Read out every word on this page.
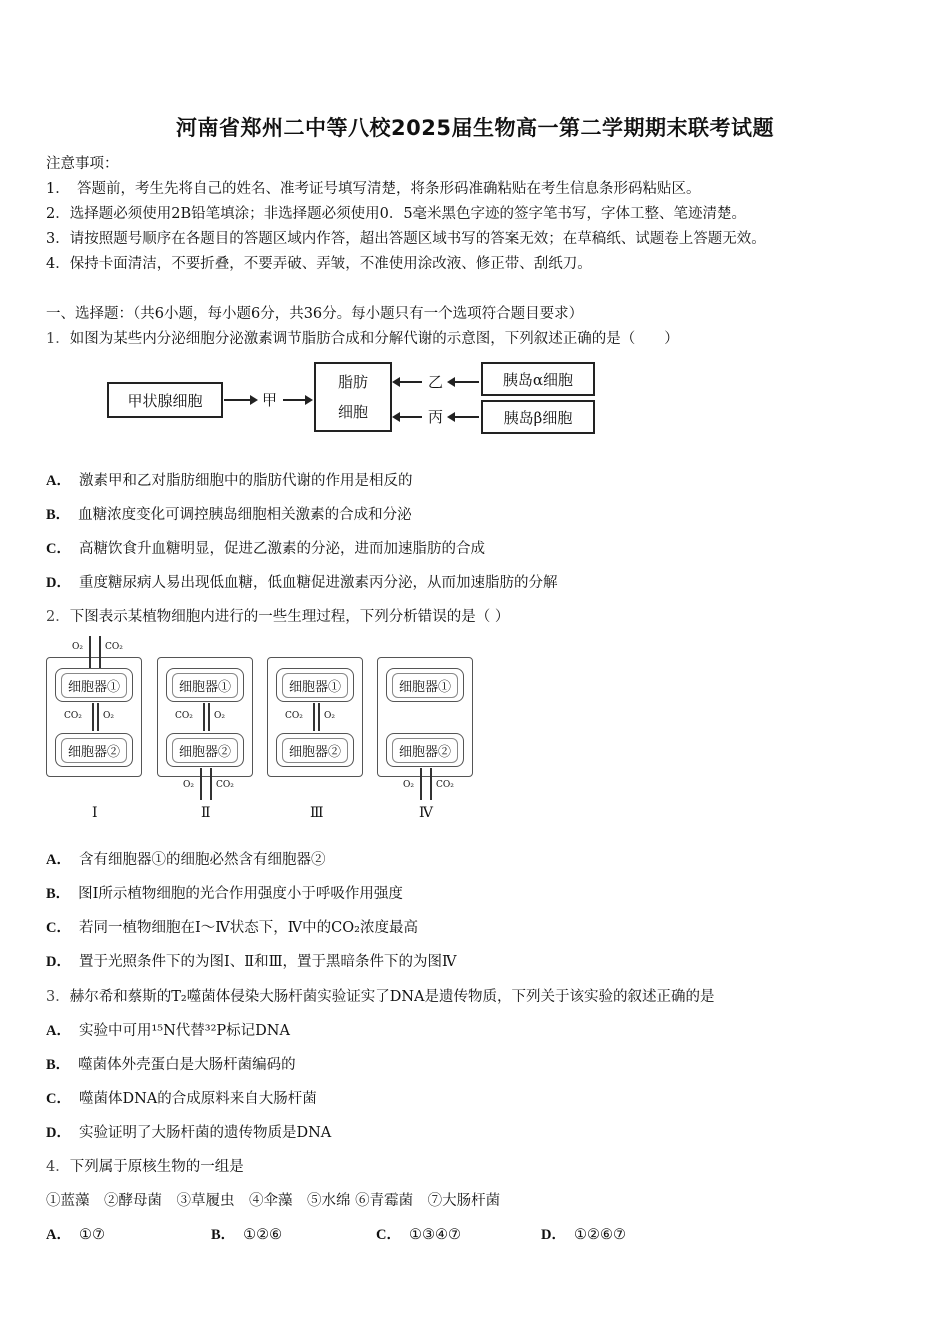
河南省郑州二中等八校2025届生物高一第二学期期末联考试题
注意事项：
1．　答题前，考生先将自己的姓名、准考证号填写清楚，将条形码准确粘贴在考生信息条形码粘贴区。
2．选择题必须使用2B铅笔填涂；非选择题必须使用0．5毫米黑色字迹的签字笔书写，字体工整、笔迹清楚。
3．请按照题号顺序在各题目的答题区域内作答，超出答题区域书写的答案无效；在草稿纸、试题卷上答题无效。
4．保持卡面清洁，不要折叠，不要弄破、弄皱，不准使用涂改液、修正带、刮纸刀。
一、选择题：（共6小题，每小题6分，共36分。每小题只有一个选项符合题目要求）
1．如图为某些内分泌细胞分泌激素调节脂肪合成和分解代谢的示意图，下列叙述正确的是（　　）
甲状腺细胞	甲
脂肪
细胞
乙
丙
胰岛α细胞
胰岛β细胞
A． 激素甲和乙对脂肪细胞中的脂肪代谢的作用是相反的
B． 血糖浓度变化可调控胰岛细胞相关激素的合成和分泌
C． 高糖饮食升血糖明显，促进乙激素的分泌，进而加速脂肪的合成
D． 重度糖尿病人易出现低血糖，低血糖促进激素丙分泌，从而加速脂肪的分解
2．下图表示某植物细胞内进行的一些生理过程，下列分析错误的是（ ）
细胞器①
细胞器②
CO₂ O₂
O₂ CO₂
Ⅰ
细胞器①
细胞器②
CO₂ O₂
O₂ CO₂
Ⅱ
细胞器①
细胞器②
CO₂ O₂
Ⅲ
细胞器①
细胞器②
O₂ CO₂
Ⅳ
A． 含有细胞器①的细胞必然含有细胞器②
B． 图Ⅰ所示植物细胞的光合作用强度小于呼吸作用强度
C． 若同一植物细胞在Ⅰ～Ⅳ状态下，Ⅳ中的CO₂浓度最高
D． 置于光照条件下的为图Ⅰ、Ⅱ和Ⅲ，置于黑暗条件下的为图Ⅳ
3．赫尔希和蔡斯的T₂噬菌体侵染大肠杆菌实验证实了DNA是遗传物质，下列关于该实验的叙述正确的是
A． 实验中可用¹⁵N代替³²P标记DNA
B． 噬菌体外壳蛋白是大肠杆菌编码的
C． 噬菌体DNA的合成原料来自大肠杆菌
D． 实验证明了大肠杆菌的遗传物质是DNA
4．下列属于原核生物的一组是
①蓝藻　②酵母菌　③草履虫　④伞藻　⑤水绵 ⑥青霉菌　⑦大肠杆菌
A． ①⑦	B． ①②⑥	C． ①③④⑦	D． ①②⑥⑦
